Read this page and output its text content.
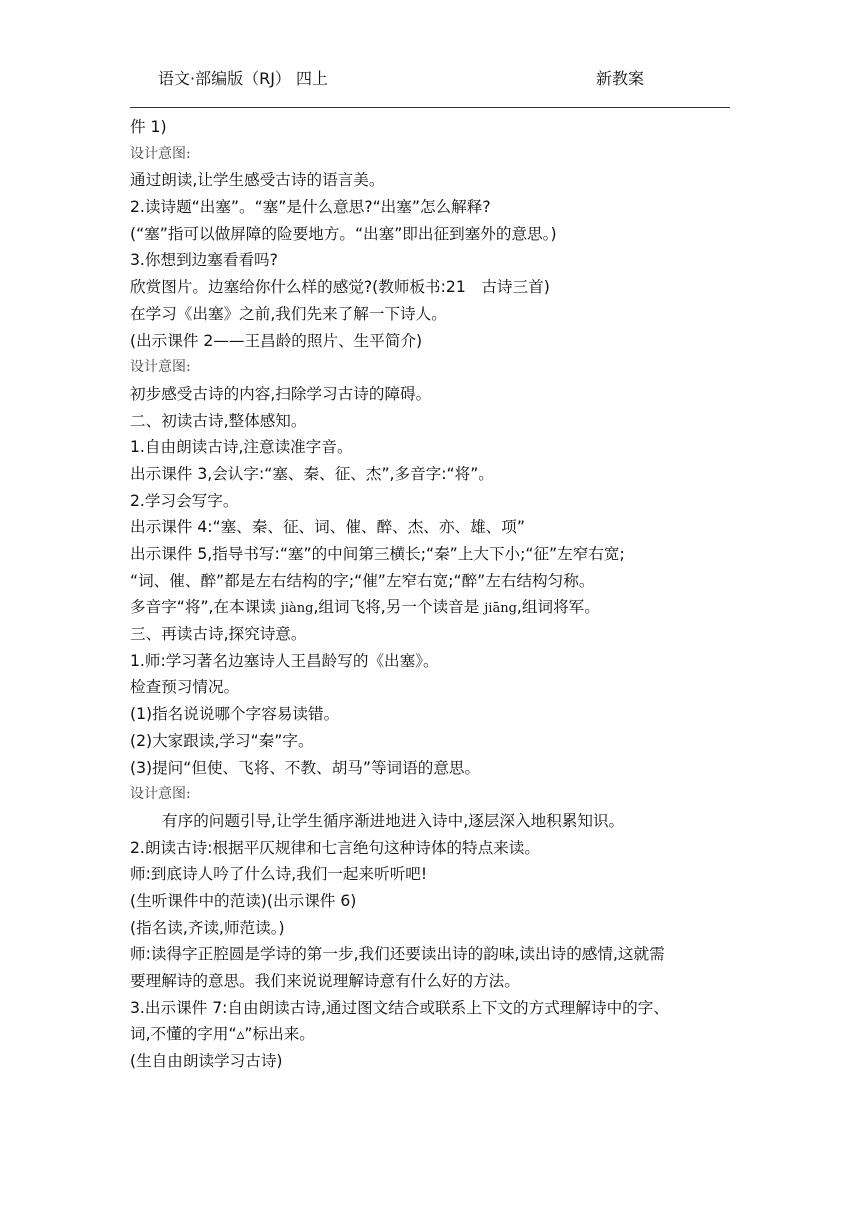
语文·部编版（RJ） 四上	新教案
件 1)
设计意图:
通过朗读,让学生感受古诗的语言美。
2.读诗题“出塞”。“塞”是什么意思?“出塞”怎么解释?
(“塞”指可以做屏障的险要地方。“出塞”即出征到塞外的意思。)
3.你想到边塞看看吗?
欣赏图片。边塞给你什么样的感觉?(教师板书:21　古诗三首)
在学习《出塞》之前,我们先来了解一下诗人。
(出示课件 2——王昌龄的照片、生平简介)
设计意图:
初步感受古诗的内容,扫除学习古诗的障碍。
二、初读古诗,整体感知。
1.自由朗读古诗,注意读准字音。
出示课件 3,会认字:“塞、秦、征、杰”,多音字:“将”。
2.学习会写字。
出示课件 4:“塞、秦、征、词、催、醉、杰、亦、雄、项”
出示课件 5,指导书写:“塞”的中间第三横长;“秦”上大下小;“征”左窄右宽;
“词、催、醉”都是左右结构的字;“催”左窄右宽;“醉”左右结构匀称。
多音字“将”,在本课读 jiàng,组词飞将,另一个读音是 jiāng,组词将军。
三、再读古诗,探究诗意。
1.师:学习著名边塞诗人王昌龄写的《出塞》。
检查预习情况。
(1)指名说说哪个字容易读错。
(2)大家跟读,学习“秦”字。
(3)提问“但使、飞将、不教、胡马”等词语的意思。
设计意图:
有序的问题引导,让学生循序渐进地进入诗中,逐层深入地积累知识。
2.朗读古诗:根据平仄规律和七言绝句这种诗体的特点来读。
师:到底诗人吟了什么诗,我们一起来听听吧!
(生听课件中的范读)(出示课件 6)
(指名读,齐读,师范读。)
师:读得字正腔圆是学诗的第一步,我们还要读出诗的韵味,读出诗的感情,这就需
要理解诗的意思。我们来说说理解诗意有什么好的方法。
3.出示课件 7:自由朗读古诗,通过图文结合或联系上下文的方式理解诗中的字、
词,不懂的字用“▵”标出来。
(生自由朗读学习古诗)
